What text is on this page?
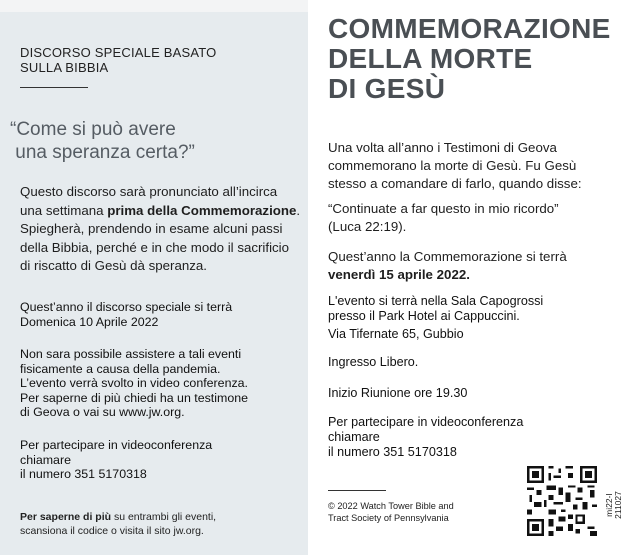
DISCORSO SPECIALE BASATO
SULLA BIBBIA
“Come si può avere
una speranza certa?”
Questo discorso sarà pronunciato all’incirca una settimana prima della Commemorazione. Spiegherà, prendendo in esame alcuni passi della Bibbia, perché e in che modo il sacrificio di riscatto di Gesù dà speranza.
Quest’anno il discorso speciale si terrà
Domenica 10 Aprile 2022
Non sara possibile assistere a tali eventi
fisicamente a causa della pandemia.
L’evento verrà svolto in video conferenza.
Per saperne di più chiedi ha un testimone
di Geova o vai su www.jw.org.
Per partecipare in videoconferenza
chiamare
il numero 351 5170318
Per saperne di più su entrambi gli eventi,
scansiona il codice o visita il sito jw.org.
COMMEMORAZIONE
DELLA MORTE
DI GESÙ
Una volta all’anno i Testimoni di Geova
commemorano la morte di Gesù. Fu Gesù
stesso a comandare di farlo, quando disse:
“Continuate a far questo in mio ricordo”
(Luca 22:19).
Quest’anno la Commemorazione si terrà
venerdì 15 aprile 2022.
L'evento si terrà nella Sala Capogrossi
presso il Park Hotel ai Cappuccini.
Via Tifernate 65, Gubbio
Ingresso Libero.
Inizio Riunione ore 19.30
Per partecipare in videoconferenza
chiamare
il numero 351 5170318
© 2022 Watch Tower Bible and
Tract Society of Pennsylvania
mi22-I 211027
